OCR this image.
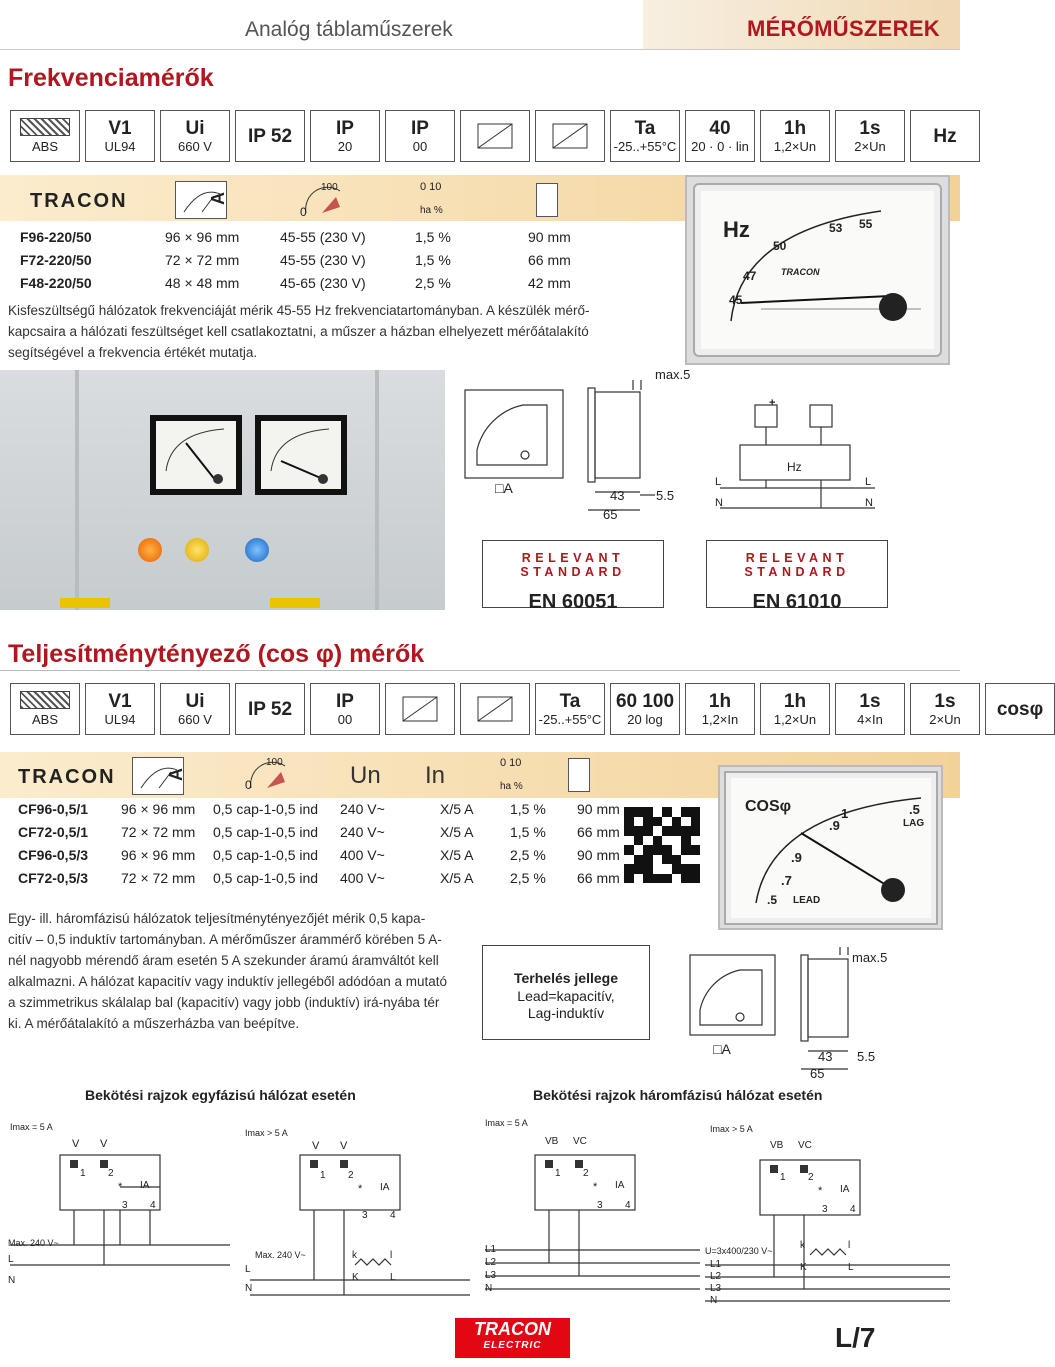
Analóg táblaműszerek	MÉRŐMŰSZEREK
Frekvenciamérők
ABS
V1
UL94
Ui
660 V IP 52 IP
20
IP
00
Ta
-25..+55°C
40
20 · 0 · lin
1h
1,2×Un
1s
2×Un	Hz
TRACON	A
100
0
0 10
ha %
F96-220/50	96 × 96 mm	45-55 (230 V)	1,5 %	90 mm
F72-220/50	72 × 72 mm	45-55 (230 V)	1,5 %	66 mm
F48-220/50	48 × 48 mm	45-65 (230 V)	2,5 %	42 mm
Kisfeszültségű hálózatok frekvenciáját mérik 45-55 Hz frekvenciatartományban. A készülék mérő-kapcsaira a hálózati feszültséget kell csatlakoztatni, a műszer a házban elhelyezett mérőátalakító segítségével a frekvencia értékét mutatja.
Hz
50
53 55
47
45
TRACON
max.5
□A	43
65
5.5
+
Hz
L
N
L
N
RELEVANT STANDARD
EN 60051
RELEVANT STANDARD
EN 61010
Teljesítménytényező (cos φ) mérők
ABS
V1
UL94
Ui
660 V IP 52 IP
00
Ta
-25..+55°C
60 100
20 log
1h
1,2×In
1h
1,2×Un
1s
4×In
1s
2×Un cosφ
TRACON	A
100
0	Un In	0 10
ha %
CF96-0,5/1	96 × 96 mm	0,5 cap-1-0,5 ind	240 V~	X/5 A	1,5 %	90 mm
CF72-0,5/1	72 × 72 mm	0,5 cap-1-0,5 ind	240 V~	X/5 A	1,5 %	66 mm
CF96-0,5/3	96 × 96 mm	0,5 cap-1-0,5 ind	400 V~	X/5 A	2,5 %	90 mm
CF72-0,5/3	72 × 72 mm	0,5 cap-1-0,5 ind	400 V~	X/5 A	2,5 %	66 mm
COSφ
.9
1
.9
.5
.7
.5
LAG
LEAD
Egy- ill. háromfázisú hálózatok teljesítménytényezőjét mérik 0,5 kapa-citív – 0,5 induktív tartományban. A mérőműszer árammérő körében 5 A-nél nagyobb mérendő áram esetén 5 A szekunder áramú áramváltót kell alkalmazni. A hálózat kapacitív vagy induktív jellegéből adódóan a mutató a szimmetrikus skálalap bal (kapacitív) vagy jobb (induktív) irá-nyába tér ki. A mérőátalakító a műszerházba van beépítve.
Terhelés jellege
Lead=kapacitív,
Lag-induktív
max.5
□A	43
65
5.5
Bekötési rajzok egyfázisú hálózat esetén	Bekötési rajzok háromfázisú hálózat esetén
Imax = 5 A
V V
1 2
* IA
3 4
Max. 240 V~
L
N
Imax > 5 A
V V
1 2
* IA
3 4
Max. 240 V~
L
N
k	l
K	L
Imax = 5 A
VB VC
1 2
* IA
3 4
L1
L2
L3
N
Imax > 5 A
VB VC
1 2
* IA
3 4
U=3x400/230 V~
L1
L2
L3
N
k	l
K	L
TRACON
ELECTRIC	L/7
